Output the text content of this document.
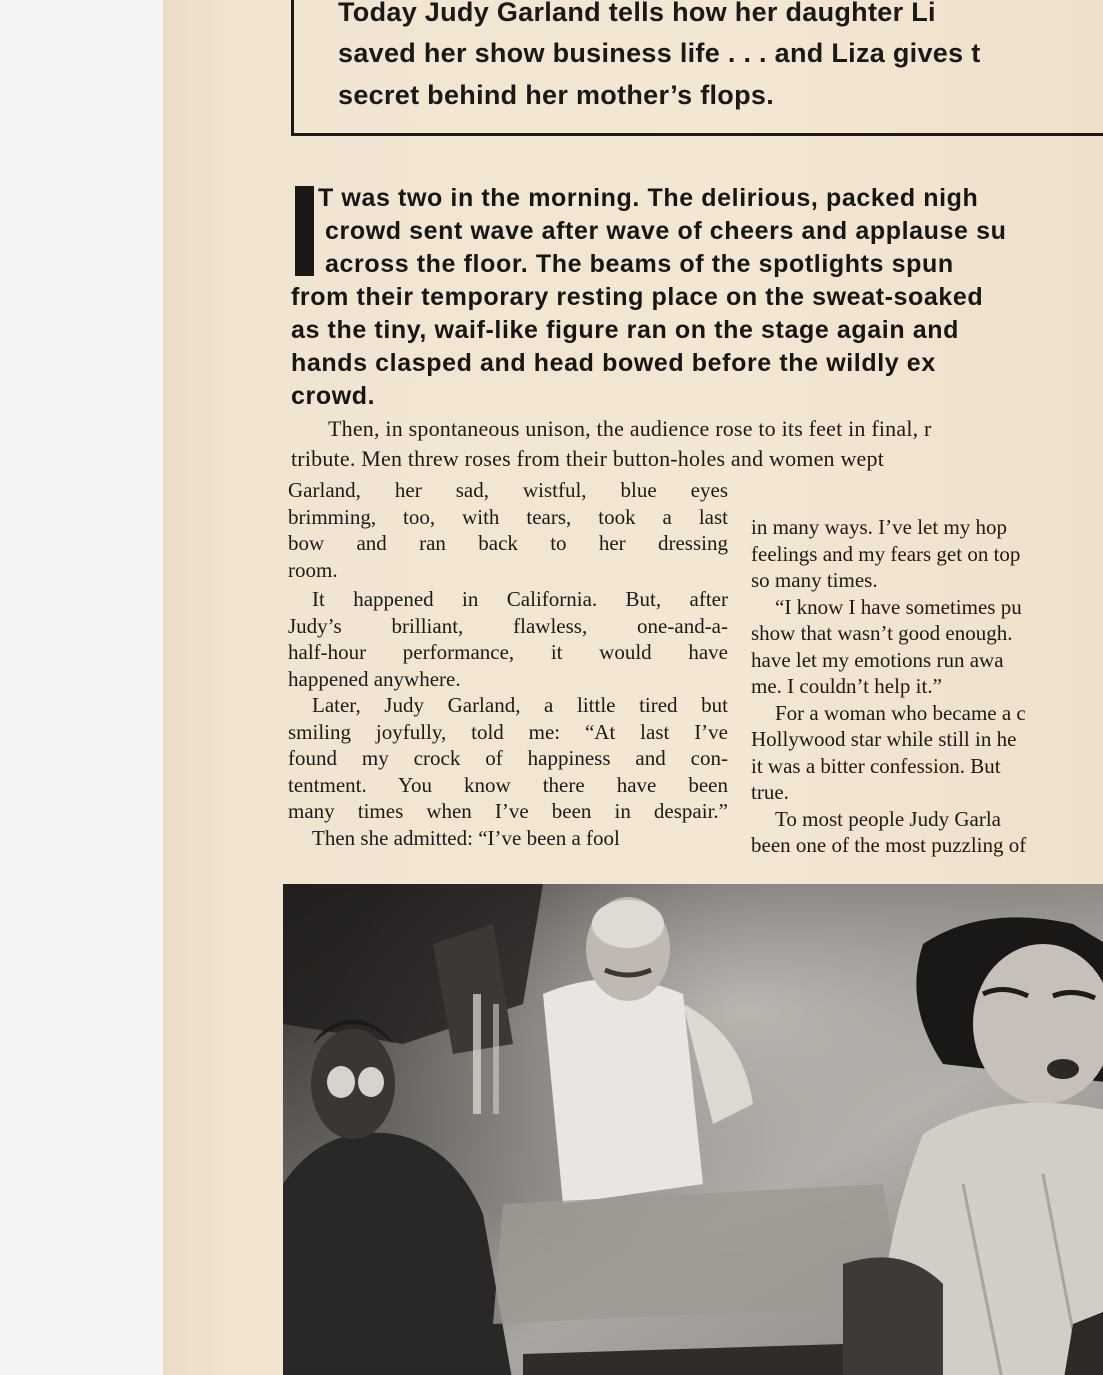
Today Judy Garland tells how her daughter Li

saved her show business life . . . and Liza gives t

secret behind her mother’s flops.

T was two in the morning. The delirious, packed nigh

crowd sent wave after wave of cheers and applause su

across the floor. The beams of the spotlights spun

from their temporary resting place on the sweat-soaked

as the tiny, waif-like figure ran on the stage again and

hands clasped and head bowed before the wildly ex

crowd.

Then, in spontaneous unison, the audience rose to its feet in final, r

tribute. Men threw roses from their button-holes and women wept

Garland, her sad, wistful, blue eyes

brimming, too, with tears, took a last

bow and ran back to her dressing

room.

It happened in California. But, after

Judy’s brilliant, flawless, one-and-a-

half-hour performance, it would have

happened anywhere.

Later, Judy Garland, a little tired but

smiling joyfully, told me: “At last I’ve

found my crock of happiness and con-

tentment. You know there have been

many times when I’ve been in despair.”

Then she admitted: “I’ve been a fool

in many ways. I’ve let my hop

feelings and my fears get on top

so many times.

“I know I have sometimes pu

show that wasn’t good enough.

have let my emotions run awa

me. I couldn’t help it.”

For a woman who became a c

Hollywood star while still in he

it was a bitter confession. But

true.

To most people Judy Garla

been one of the most puzzling of
